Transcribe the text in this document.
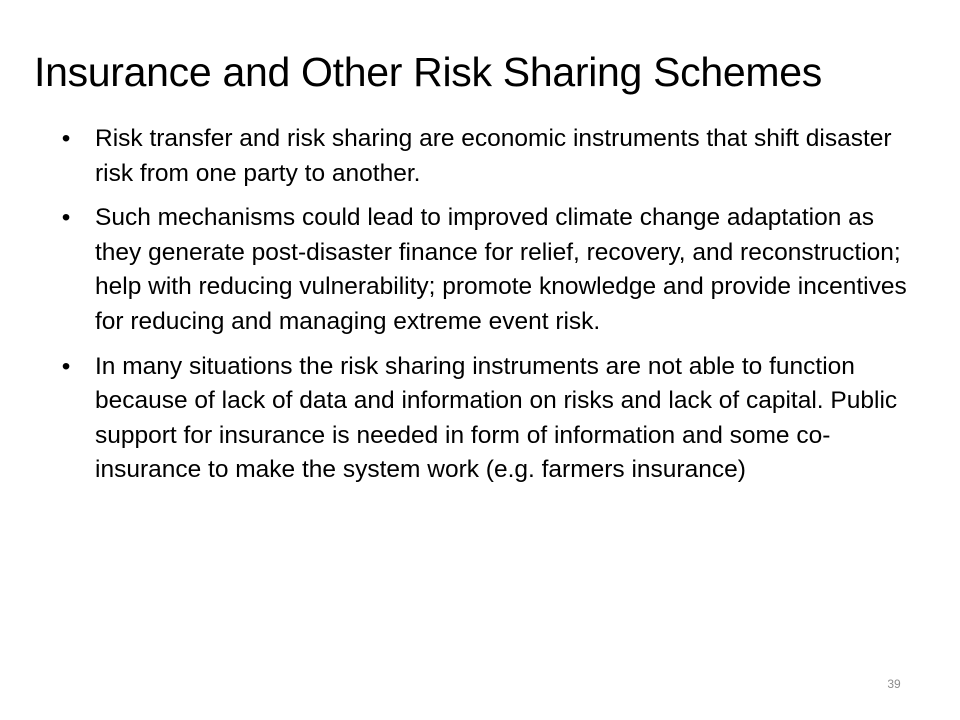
Insurance and Other Risk Sharing Schemes
• Risk transfer and risk sharing are economic instruments that shift disaster risk from one party to another.
• Such mechanisms could lead to improved climate change adaptation as they generate post-disaster finance for relief, recovery, and reconstruction; help with reducing vulnerability; promote knowledge and provide incentives for reducing and managing extreme event risk.
• In many situations the risk sharing instruments are not able to function because of lack of data and information on risks and lack of capital. Public support for insurance is needed in form of information and some co-insurance to make the system work (e.g. farmers insurance)
39
